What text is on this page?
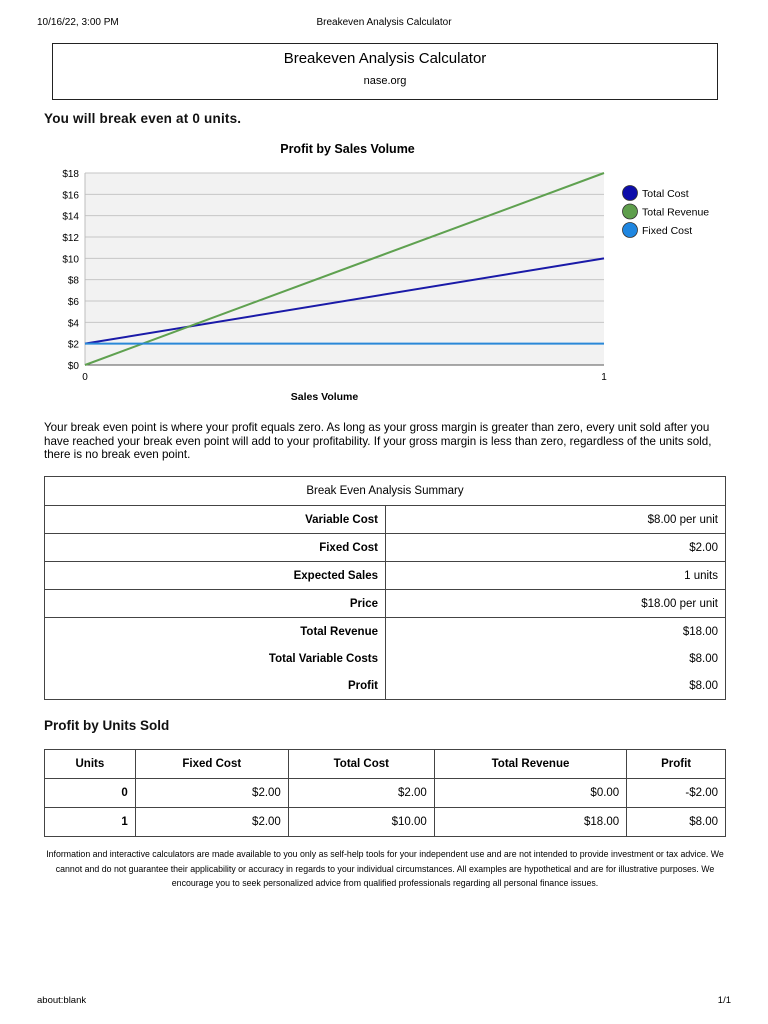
10/16/22, 3:00 PM	Breakeven Analysis Calculator
Breakeven Analysis Calculator
nase.org
You will break even at 0 units.
Profit by Sales Volume
$0
$2
$4
$6
$8
$10
$12
$14
$16
$18
0	1
Sales Volume
Total Cost
Total Revenue
Fixed Cost
Your break even point is where your profit equals zero. As long as your gross margin is greater than zero, every unit sold after you have reached your break even point will add to your profitability. If your gross margin is less than zero, regardless of the units sold, there is no break even point.
Break Even Analysis Summary	
Variable Cost	$8.00 per unit
Fixed Cost	$2.00
Expected Sales	1 units
Price	$18.00 per unit
Total Revenue	$18.00
Total Variable Costs	$8.00
Profit	$8.00
Profit by Units Sold
Units	Fixed Cost	Total Cost	Total Revenue	Profit
0	$2.00	$2.00	$0.00	-$2.00
1	$2.00	$10.00	$18.00	$8.00
Information and interactive calculators are made available to you only as self-help tools for your independent use and are not intended to provide investment or tax advice. We cannot and do not guarantee their applicability or accuracy in regards to your individual circumstances. All examples are hypothetical and are for illustrative purposes. We encourage you to seek personalized advice from qualified professionals regarding all personal finance issues.
about:blank	1/1
